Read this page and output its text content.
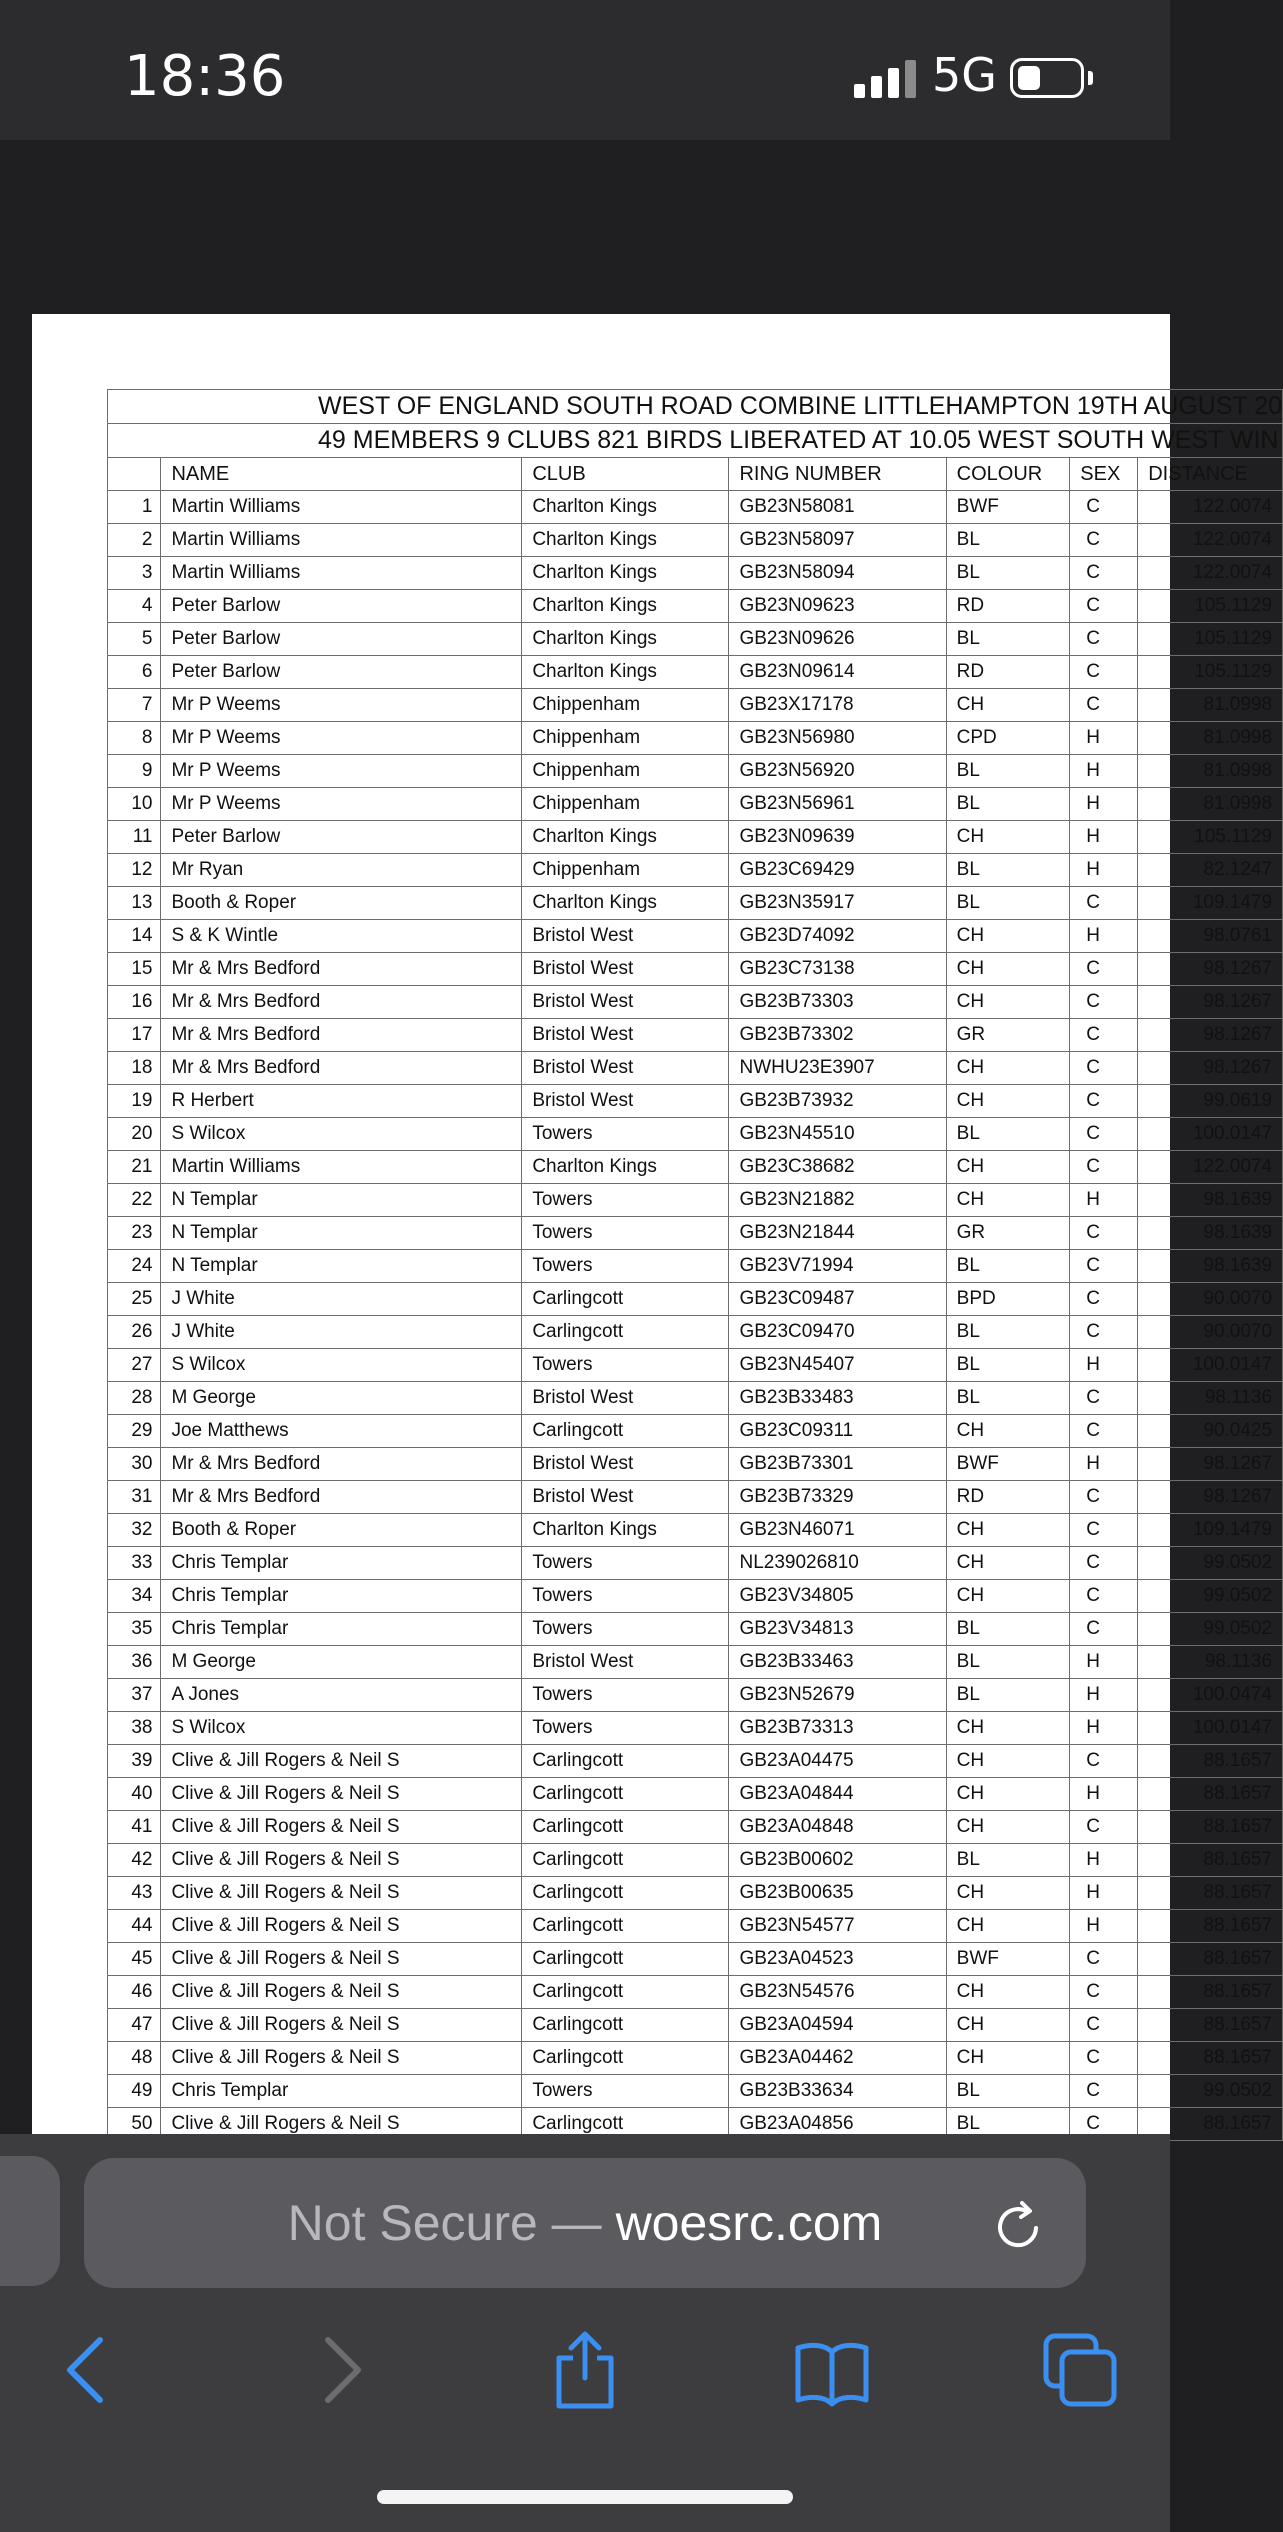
18:36	5G
WEST OF ENGLAND SOUTH ROAD COMBINE LITTLEHAMPTON 19TH AUGUST 20						
49 MEMBERS 9 CLUBS 821 BIRDS LIBERATED AT 10.05 WEST SOUTH WEST WIN						
	NAME	CLUB	RING NUMBER	COLOUR	SEX	DISTANCE
1	Martin Williams	Charlton Kings	GB23N58081	BWF	C	122.0074
2	Martin Williams	Charlton Kings	GB23N58097	BL	C	122.0074
3	Martin Williams	Charlton Kings	GB23N58094	BL	C	122.0074
4	Peter Barlow	Charlton Kings	GB23N09623	RD	C	105.1129
5	Peter Barlow	Charlton Kings	GB23N09626	BL	C	105.1129
6	Peter Barlow	Charlton Kings	GB23N09614	RD	C	105.1129
7	Mr P Weems	Chippenham	GB23X17178	CH	C	81.0998
8	Mr P Weems	Chippenham	GB23N56980	CPD	H	81.0998
9	Mr P Weems	Chippenham	GB23N56920	BL	H	81.0998
10	Mr P Weems	Chippenham	GB23N56961	BL	H	81.0998
11	Peter Barlow	Charlton Kings	GB23N09639	CH	H	105.1129
12	Mr Ryan	Chippenham	GB23C69429	BL	H	82.1247
13	Booth & Roper	Charlton Kings	GB23N35917	BL	C	109.1479
14	S & K Wintle	Bristol West	GB23D74092	CH	H	98.0761
15	Mr & Mrs Bedford	Bristol West	GB23C73138	CH	C	98.1267
16	Mr & Mrs Bedford	Bristol West	GB23B73303	CH	C	98.1267
17	Mr & Mrs Bedford	Bristol West	GB23B73302	GR	C	98.1267
18	Mr & Mrs Bedford	Bristol West	NWHU23E3907	CH	C	98.1267
19	R Herbert	Bristol West	GB23B73932	CH	C	99.0619
20	S Wilcox	Towers	GB23N45510	BL	C	100.0147
21	Martin Williams	Charlton Kings	GB23C38682	CH	C	122.0074
22	N Templar	Towers	GB23N21882	CH	H	98.1639
23	N Templar	Towers	GB23N21844	GR	C	98.1639
24	N Templar	Towers	GB23V71994	BL	C	98.1639
25	J White	Carlingcott	GB23C09487	BPD	C	90.0070
26	J White	Carlingcott	GB23C09470	BL	C	90.0070
27	S Wilcox	Towers	GB23N45407	BL	H	100.0147
28	M George	Bristol West	GB23B33483	BL	C	98.1136
29	Joe Matthews	Carlingcott	GB23C09311	CH	C	90.0425
30	Mr & Mrs Bedford	Bristol West	GB23B73301	BWF	H	98.1267
31	Mr & Mrs Bedford	Bristol West	GB23B73329	RD	C	98.1267
32	Booth & Roper	Charlton Kings	GB23N46071	CH	C	109.1479
33	Chris Templar	Towers	NL239026810	CH	C	99.0502
34	Chris Templar	Towers	GB23V34805	CH	C	99.0502
35	Chris Templar	Towers	GB23V34813	BL	C	99.0502
36	M George	Bristol West	GB23B33463	BL	H	98.1136
37	A Jones	Towers	GB23N52679	BL	H	100.0474
38	S Wilcox	Towers	GB23B73313	CH	H	100.0147
39	Clive & Jill Rogers & Neil S	Carlingcott	GB23A04475	CH	C	88.1657
40	Clive & Jill Rogers & Neil S	Carlingcott	GB23A04844	CH	H	88.1657
41	Clive & Jill Rogers & Neil S	Carlingcott	GB23A04848	CH	C	88.1657
42	Clive & Jill Rogers & Neil S	Carlingcott	GB23B00602	BL	H	88.1657
43	Clive & Jill Rogers & Neil S	Carlingcott	GB23B00635	CH	H	88.1657
44	Clive & Jill Rogers & Neil S	Carlingcott	GB23N54577	CH	H	88.1657
45	Clive & Jill Rogers & Neil S	Carlingcott	GB23A04523	BWF	C	88.1657
46	Clive & Jill Rogers & Neil S	Carlingcott	GB23N54576	CH	C	88.1657
47	Clive & Jill Rogers & Neil S	Carlingcott	GB23A04594	CH	C	88.1657
48	Clive & Jill Rogers & Neil S	Carlingcott	GB23A04462	CH	C	88.1657
49	Chris Templar	Towers	GB23B33634	BL	C	99.0502
50	Clive & Jill Rogers & Neil S	Carlingcott	GB23A04856	BL	C	88.1657
Not Secure — woesrc.com
